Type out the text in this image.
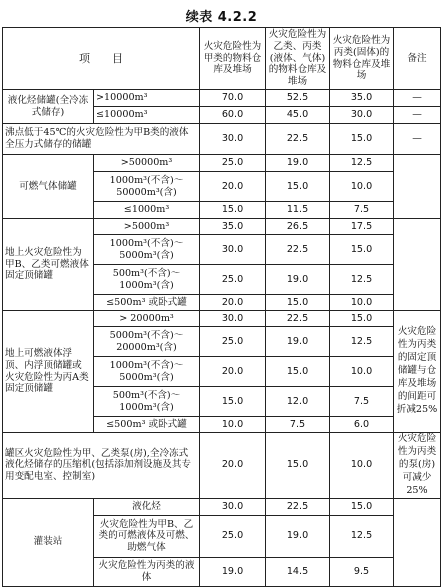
续表 4.2.2
项　　目		火灾危险性为甲类的物料仓库及堆场	火灾危险性为乙类、丙类(液体、气体)的物料仓库及堆场	火灾危险性为丙类(固体)的物料仓库及堆场	备注
液化烃储罐(全冷冻式储存)	>10000m³	70.0	52.5	35.0	—
	≤10000m³	60.0	45.0	30.0	—
沸点低于45℃的火灾危险性为甲B类的液体全压力式储存的储罐		30.0	22.5	15.0	—
可燃气体储罐	>50000m³	25.0	19.0	12.5	
	1000m³(不含)～50000m³(含)	20.0	15.0	10.0	
	≤1000m³	15.0	11.5	7.5	
地上火灾危险性为甲B、乙类可燃液体固定顶储罐	>5000m³	35.0	26.5	17.5	
	1000m³(不含)～5000m³(含)	30.0	22.5	15.0	
	500m³(不含)～1000m³(含)	25.0	19.0	12.5	
	≤500m³ 或卧式罐	20.0	15.0	10.0	
地上可燃液体浮顶、内浮顶储罐或火灾危险性为丙A类固定顶储罐	> 20000m³	30.0	22.5	15.0	火灾危险性为丙类的固定顶储罐与仓库及堆场的间距可折减25%
	5000m³(不含)～20000m³(含)	25.0	19.0	12.5	
	1000m³(不含)～5000m³(含)	20.0	15.0	10.0	
	500m³(不含)～1000m³(含)	15.0	12.0	7.5	
	≤500m³ 或卧式罐	10.0	7.5	6.0	
罐区火灾危险性为甲、乙类泵(房),全冷冻式液化烃储存的压缩机(包括添加剂设施及其专用变配电室、控制室)		20.0	15.0	10.0	火灾危险性为丙类的泵(房)可减少25%
灌装站	液化烃	30.0	22.5	15.0	
	火灾危险性为甲B、乙类的可燃液体及可燃、助燃气体	25.0	19.0	12.5	
	火灾危险性为丙类的液体	19.0	14.5	9.5	
